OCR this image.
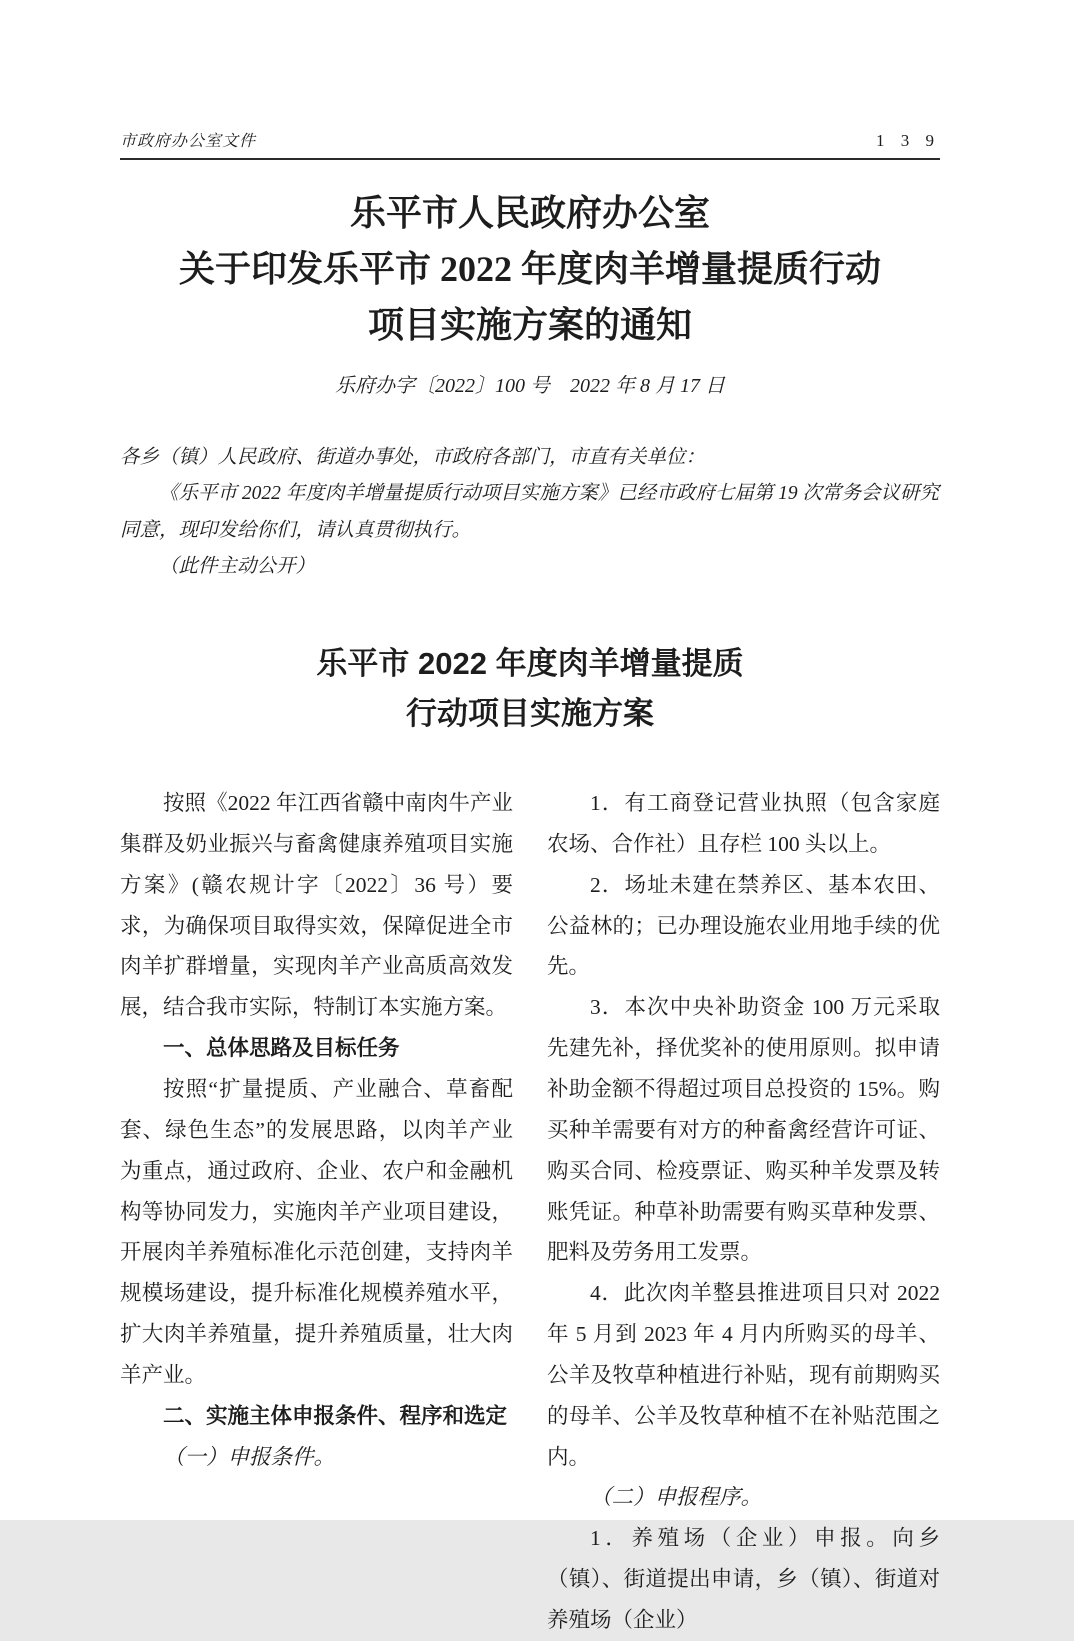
市政府办公室文件	1 3 9
乐平市人民政府办公室
关于印发乐平市 2022 年度肉羊增量提质行动
项目实施方案的通知

乐府办字〔2022〕100 号　2022 年 8 月 17 日

各乡（镇）人民政府、街道办事处，市政府各部门，市直有关单位：

《乐平市 2022 年度肉羊增量提质行动项目实施方案》已经市政府七届第 19 次常务会议研究同意，现印发给你们，请认真贯彻执行。

（此件主动公开）

乐平市 2022 年度肉羊增量提质
行动项目实施方案

按照《2022 年江西省赣中南肉牛产业集群及奶业振兴与畜禽健康养殖项目实施方案》(赣农规计字〔2022〕36 号）要求，为确保项目取得实效，保障促进全市肉羊扩群增量，实现肉羊产业高质高效发展，结合我市实际，特制订本实施方案。

一、总体思路及目标任务

按照“扩量提质、产业融合、草畜配套、绿色生态”的发展思路，以肉羊产业为重点，通过政府、企业、农户和金融机构等协同发力，实施肉羊产业项目建设，开展肉羊养殖标准化示范创建，支持肉羊规模场建设，提升标准化规模养殖水平，扩大肉羊养殖量，提升养殖质量，壮大肉羊产业。

二、实施主体申报条件、程序和选定

（一）申报条件。

1．有工商登记营业执照（包含家庭农场、合作社）且存栏 100 头以上。

2．场址未建在禁养区、基本农田、公益林的；已办理设施农业用地手续的优先。

3．本次中央补助资金 100 万元采取先建先补，择优奖补的使用原则。拟申请补助金额不得超过项目总投资的 15%。购买种羊需要有对方的种畜禽经营许可证、购买合同、检疫票证、购买种羊发票及转账凭证。种草补助需要有购买草种发票、肥料及劳务用工发票。

4．此次肉羊整县推进项目只对 2022 年 5 月到 2023 年 4 月内所购买的母羊、公羊及牧草种植进行补贴，现有前期购买的母羊、公羊及牧草种植不在补贴范围之内。

（二）申报程序。

1．养殖场（企业）申报。向乡（镇）、街道提出申请，乡（镇）、街道对养殖场（企业）
